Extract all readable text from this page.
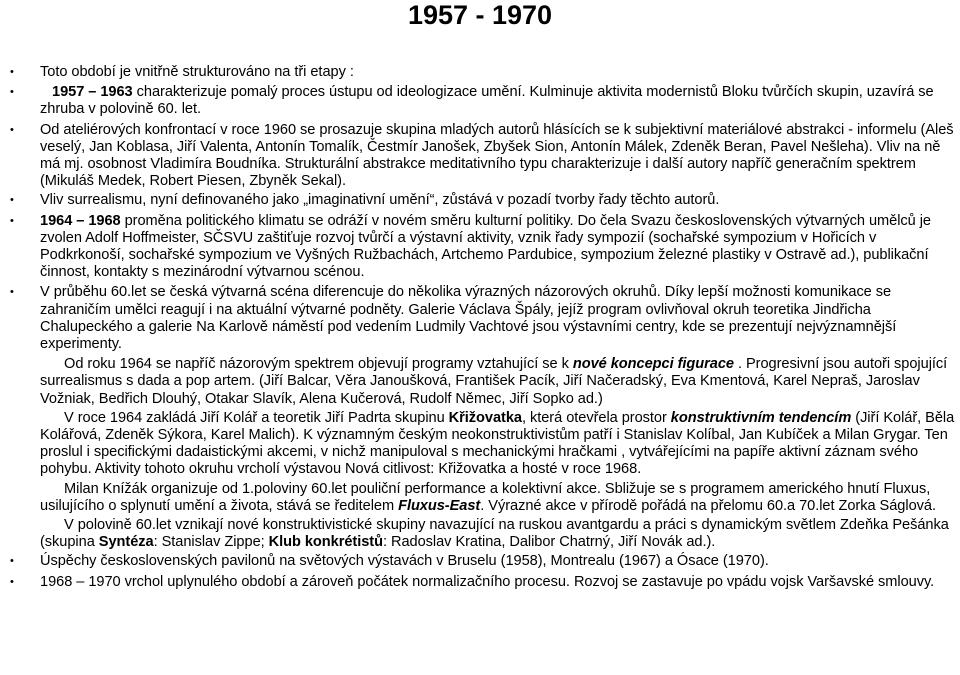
1957 - 1970
• Toto období je vnitřně strukturováno na tři etapy :
•	1957 – 1963 charakterizuje pomalý proces ústupu od ideologizace umění. Kulminuje aktivita modernistů Bloku tvůrčích skupin, uzavírá se zhruba v polovině 60. let.
• Od ateliérových konfrontací v roce 1960 se prosazuje skupina mladých autorů hlásících se k subjektivní materiálové abstrakci - informelu (Aleš veselý, Jan Koblasa, Jiří Valenta, Antonín Tomalík, Čestmír Janošek, Zbyšek Sion, Antonín Málek, Zdeněk Beran, Pavel Nešleha). Vliv na ně má mj. osobnost Vladimíra Boudníka. Strukturální abstrakce meditativního typu charakterizuje i další autory napříč generačním spektrem (Mikuláš Medek, Robert Piesen, Zbyněk Sekal).
• Vliv surrealismu, nyní definovaného jako „imaginativní umění“, zůstává v pozadí tvorby řady těchto autorů.
• 1964 – 1968 proměna politického klimatu se odráží v novém směru kulturní politiky. Do čela Svazu československých výtvarných umělců je zvolen Adolf Hoffmeister, SČSVU zaštiťuje rozvoj tvůrčí a výstavní aktivity, vznik řady sympozií (sochařské sympozium v Hořicích v Podkrkonoší, sochařské sympozium ve Vyšných Ružbachách, Artchemo Pardubice, sympozium železné plastiky v Ostravě ad.), publikační činnost, kontakty s mezinárodní výtvarnou scénou.
• V průběhu 60.let se česká výtvarná scéna diferencuje do několika výrazných názorových okruhů. Díky lepší možnosti komunikace se zahraničím umělci reagují i na aktuální výtvarné podněty. Galerie Václava Špály, jejíž program ovlivňoval okruh teoretika Jindřicha Chalupeckého a galerie Na Karlově náměstí pod vedením Ludmily Vachtové jsou výstavními centry, kde se prezentují nejvýznamnější experimenty.
Od roku 1964 se napříč názorovým spektrem objevují programy vztahující se k nové koncepci figurace . Progresivní jsou autoři spojující surrealismus s dada a pop artem. (Jiří Balcar, Věra Janoušková, František Pacík, Jiří Načeradský, Eva Kmentová, Karel Nepraš, Jaroslav Vožniak, Bedřich Dlouhý, Otakar Slavík, Alena Kučerová, Rudolf Němec, Jiří Sopko ad.)
V roce 1964 zakládá Jiří Kolář a teoretik Jiří Padrta skupinu Křižovatka, která otevřela prostor konstruktivním tendencím (Jiří Kolář, Běla Kolářová, Zdeněk Sýkora, Karel Malich). K významným českým neokonstruktivistům patří i Stanislav Kolíbal, Jan Kubíček a Milan Grygar. Ten proslul i specifickými dadaistickými akcemi, v nichž manipuloval s mechanickými hračkami , vytvářejícími na papíře aktivní záznam svého pohybu. Aktivity tohoto okruhu vrcholí výstavou Nová citlivost: Křižovatka a hosté v roce 1968.
Milan Knížák organizuje od 1.poloviny 60.let pouliční performance a kolektivní akce. Sbližuje se s programem amerického hnutí Fluxus, usilujícího o splynutí umění a života, stává se ředitelem Fluxus-East. Výrazné akce v přírodě pořádá na přelomu 60.a 70.let Zorka Ságlová.
V polovině 60.let vznikají nové konstruktivistické skupiny navazující na ruskou avantgardu a práci s dynamickým světlem Zdeňka Pešánka (skupina Syntéza: Stanislav Zippe; Klub konkrétistů: Radoslav Kratina, Dalibor Chatrný, Jiří Novák ad.).
• Úspěchy československých pavilonů na světových výstavách v Bruselu (1958), Montrealu (1967) a Ósace (1970).
• 1968 – 1970 vrchol uplynulého období a zároveň počátek normalizačního procesu. Rozvoj se zastavuje po vpádu vojsk Varšavské smlouvy.
